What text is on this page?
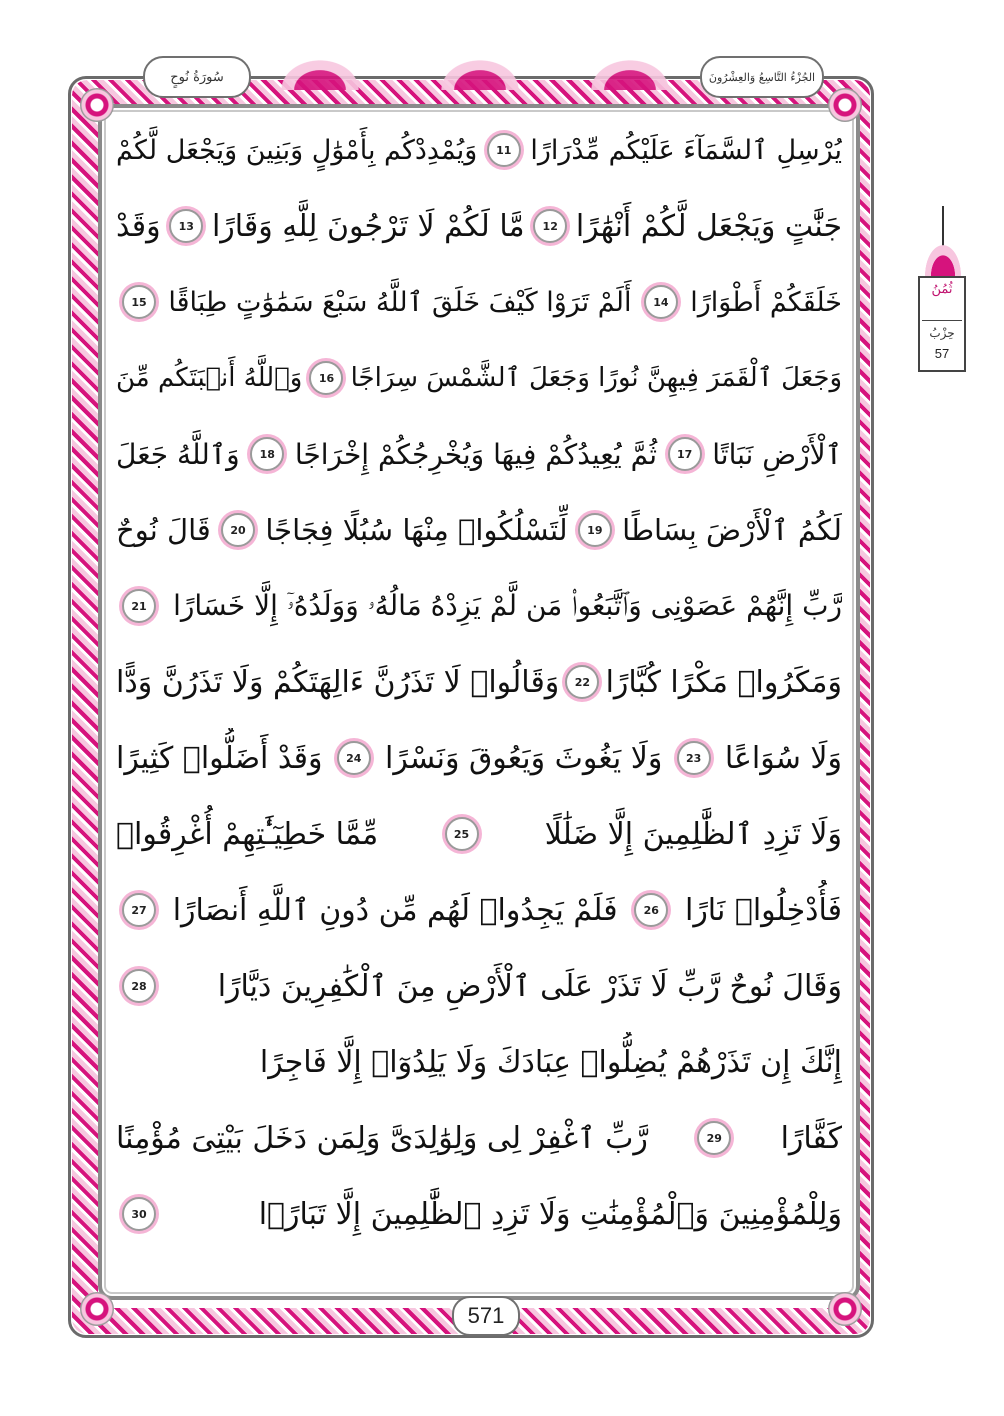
سُورَةُ نُوحٍ	الجُزْءُ التَّاسِعُ وَالعِشْرُونَ
ثُمُنُ
حِزْبُ
57
يُرْسِلِ ٱلسَّمَآءَ عَلَيْكُم مِّدْرَارًا
11
وَيُمْدِدْكُم بِأَمْوَٰلٍ وَبَنِينَ وَيَجْعَل لَّكُمْ
جَنَّٰتٍ وَيَجْعَل لَّكُمْ أَنْهَٰرًا
12
مَّا لَكُمْ لَا تَرْجُونَ لِلَّهِ وَقَارًا
13
وَقَدْ
خَلَقَكُمْ أَطْوَارًا
14
أَلَمْ تَرَوْا كَيْفَ خَلَقَ ٱللَّهُ سَبْعَ سَمَٰوَٰتٍ طِبَاقًا
15
وَجَعَلَ ٱلْقَمَرَ فِيهِنَّ نُورًا وَجَعَلَ ٱلشَّمْسَ سِرَاجًا
16
وَٱللَّهُ أَنۢبَتَكُم مِّنَ
ٱلْأَرْضِ نَبَاتًا
17
ثُمَّ يُعِيدُكُمْ فِيهَا وَيُخْرِجُكُمْ إِخْرَاجًا
18
وَٱللَّهُ جَعَلَ
لَكُمُ ٱلْأَرْضَ بِسَاطًا
19
لِّتَسْلُكُوا۟ مِنْهَا سُبُلًا فِجَاجًا
20
قَالَ نُوحٌ
رَّبِّ إِنَّهُمْ عَصَوْنِى وَٱتَّبَعُوا۟ مَن لَّمْ يَزِدْهُ مَالُهُۥ وَوَلَدُهُۥٓ إِلَّا خَسَارًا
21
وَمَكَرُوا۟ مَكْرًا كُبَّارًا
22
وَقَالُوا۟ لَا تَذَرُنَّ ءَالِهَتَكُمْ وَلَا تَذَرُنَّ وَدًّا
وَلَا سُوَاعًا
23
وَلَا يَغُوثَ وَيَعُوقَ وَنَسْرًا
24
وَقَدْ أَضَلُّوا۟ كَثِيرًا
وَلَا تَزِدِ ٱلظَّٰلِمِينَ إِلَّا ضَلَٰلًا
25
مِّمَّا خَطِيٓـَٰٔتِهِمْ أُغْرِقُوا۟
فَأُدْخِلُوا۟ نَارًا
26
فَلَمْ يَجِدُوا۟ لَهُم مِّن دُونِ ٱللَّهِ أَنصَارًا
27
وَقَالَ نُوحٌ رَّبِّ لَا تَذَرْ عَلَى ٱلْأَرْضِ مِنَ ٱلْكَٰفِرِينَ دَيَّارًا
28
إِنَّكَ إِن تَذَرْهُمْ يُضِلُّوا۟ عِبَادَكَ وَلَا يَلِدُوٓا۟ إِلَّا فَاجِرًا
كَفَّارًا
29
رَّبِّ ٱغْفِرْ لِى وَلِوَٰلِدَىَّ وَلِمَن دَخَلَ بَيْتِىَ مُؤْمِنًا
وَلِلْمُؤْمِنِينَ وَٱلْمُؤْمِنَٰتِ وَلَا تَزِدِ ٱلظَّٰلِمِينَ إِلَّا تَبَارًۢا
30
571
